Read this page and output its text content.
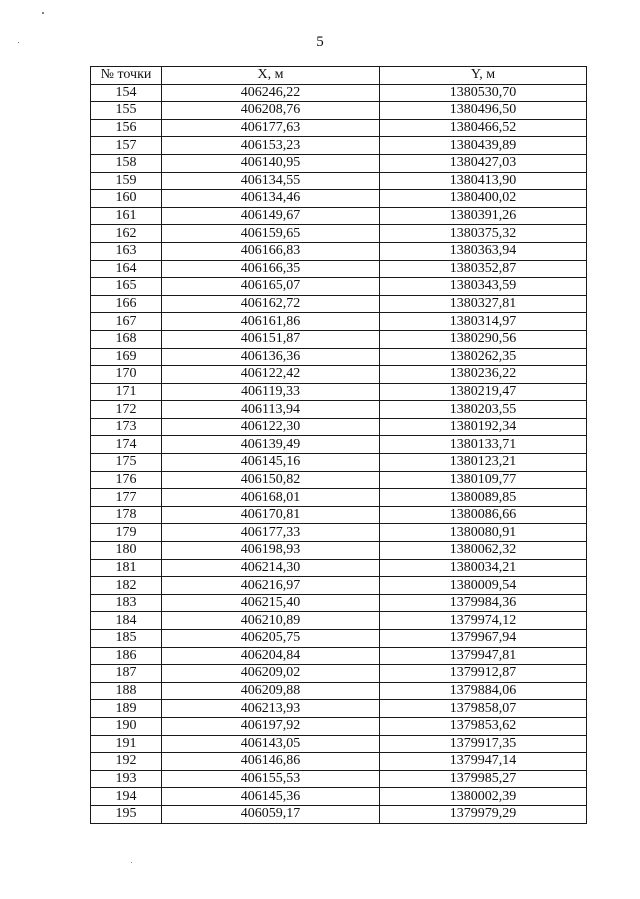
5
№ точки	X, м	Y, м
154	406246,22	1380530,70
155	406208,76	1380496,50
156	406177,63	1380466,52
157	406153,23	1380439,89
158	406140,95	1380427,03
159	406134,55	1380413,90
160	406134,46	1380400,02
161	406149,67	1380391,26
162	406159,65	1380375,32
163	406166,83	1380363,94
164	406166,35	1380352,87
165	406165,07	1380343,59
166	406162,72	1380327,81
167	406161,86	1380314,97
168	406151,87	1380290,56
169	406136,36	1380262,35
170	406122,42	1380236,22
171	406119,33	1380219,47
172	406113,94	1380203,55
173	406122,30	1380192,34
174	406139,49	1380133,71
175	406145,16	1380123,21
176	406150,82	1380109,77
177	406168,01	1380089,85
178	406170,81	1380086,66
179	406177,33	1380080,91
180	406198,93	1380062,32
181	406214,30	1380034,21
182	406216,97	1380009,54
183	406215,40	1379984,36
184	406210,89	1379974,12
185	406205,75	1379967,94
186	406204,84	1379947,81
187	406209,02	1379912,87
188	406209,88	1379884,06
189	406213,93	1379858,07
190	406197,92	1379853,62
191	406143,05	1379917,35
192	406146,86	1379947,14
193	406155,53	1379985,27
194	406145,36	1380002,39
195	406059,17	1379979,29
